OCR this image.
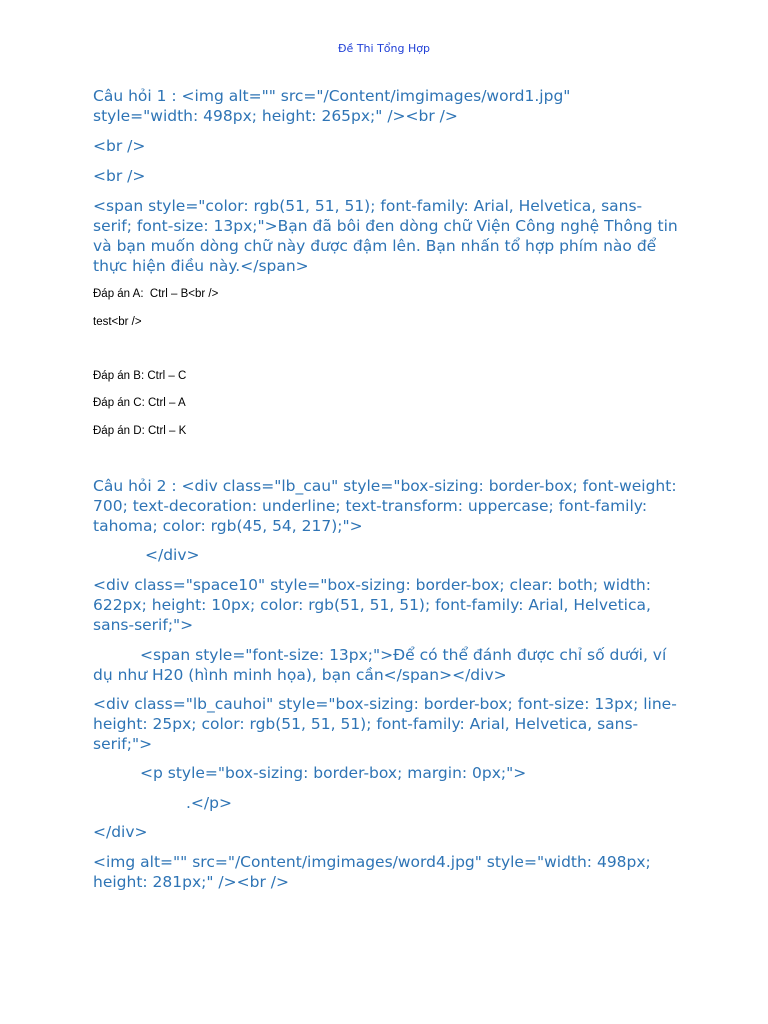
Đề Thi Tổng Hợp
Câu hỏi 1 : <img alt="" src="/Content/imgimages/word1.jpg" style="width: 498px; height: 265px;" /><br />
<br />
<br />
<span style="color: rgb(51, 51, 51); font-family: Arial, Helvetica, sans-serif; font-size: 13px;">Bạn đã bôi đen dòng chữ Viện Công nghệ Thông tin và bạn muốn dòng chữ này được đậm lên. Bạn nhấn tổ hợp phím nào để thực hiện điều này.</span>
Đáp án A:  Ctrl – B<br />
test<br />
Đáp án B: Ctrl – C
Đáp án C: Ctrl – A
Đáp án D: Ctrl – K
Câu hỏi 2 : <div class="lb_cau" style="box-sizing: border-box; font-weight: 700; text-decoration: underline; text-transform: uppercase; font-family: tahoma; color: rgb(45, 54, 217);">
</div>
<div class="space10" style="box-sizing: border-box; clear: both; width: 622px; height: 10px; color: rgb(51, 51, 51); font-family: Arial, Helvetica, sans-serif;">
<span style="font-size: 13px;">Để có thể đánh được chỉ số dưới, ví dụ như H20 (hình minh họa), bạn cần</span></div>
<div class="lb_cauhoi" style="box-sizing: border-box; font-size: 13px; line-height: 25px; color: rgb(51, 51, 51); font-family: Arial, Helvetica, sans-serif;">
<p style="box-sizing: border-box; margin: 0px;">
.</p>
</div>
<img alt="" src="/Content/imgimages/word4.jpg" style="width: 498px; height: 281px;" /><br />
